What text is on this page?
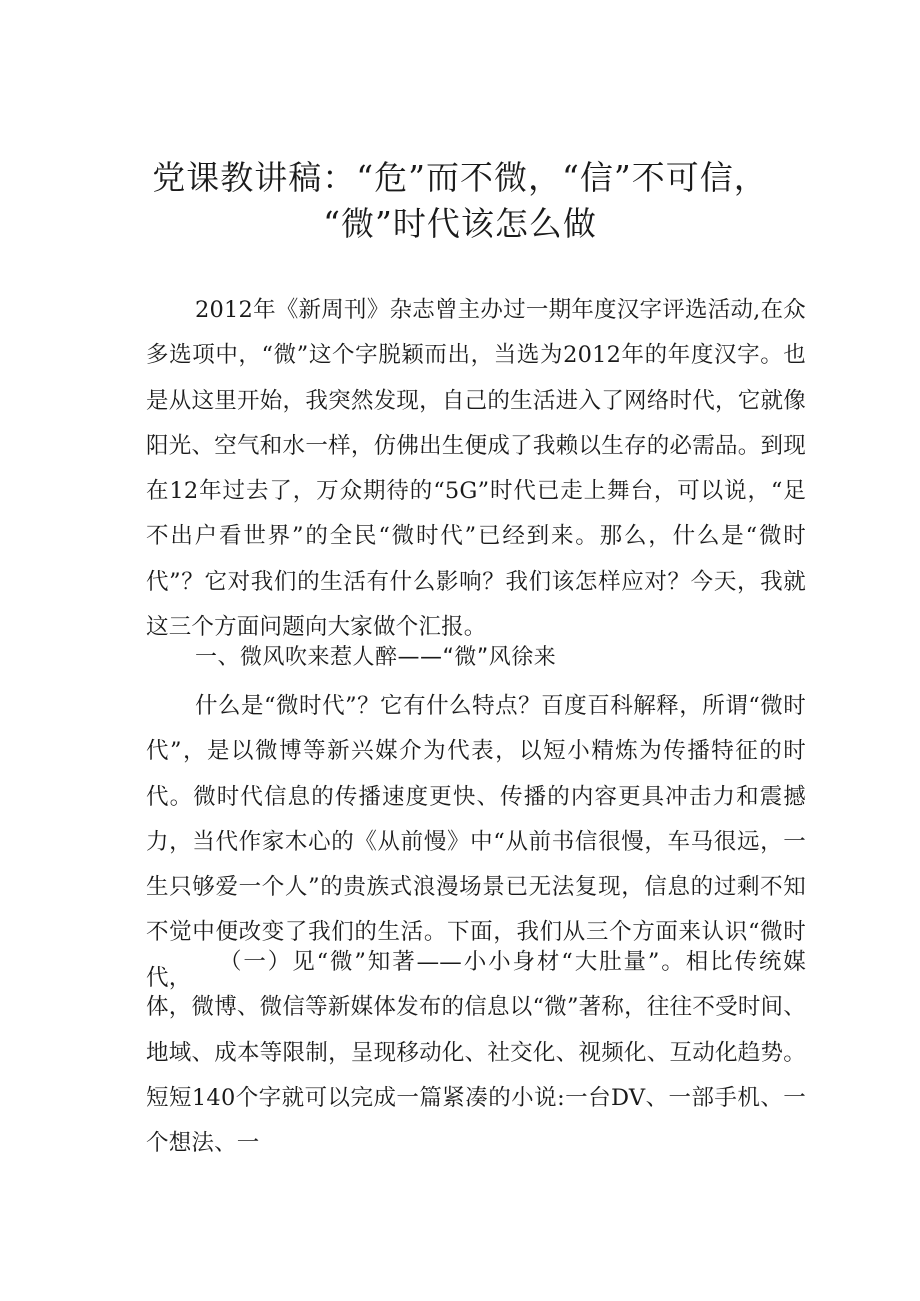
党课教讲稿：“危”而不微，“信”不可信，
“微”时代该怎么做

2012年《新周刊》杂志曾主办过一期年度汉字评选活动,在众多选项中，“微”这个字脱颖而出，当选为2012年的年度汉字。也是从这里开始，我突然发现，自己的生活进入了网络时代，它就像阳光、空气和水一样，仿佛出生便成了我赖以生存的必需品。到现在12年过去了，万众期待的“5G”时代已走上舞台，可以说，“足不出户看世界”的全民“微时代”已经到来。那么，什么是“微时代”？它对我们的生活有什么影响？我们该怎样应对？今天，我就这三个方面问题向大家做个汇报。

一、微风吹来惹人醉——“微”风徐来

什么是“微时代”？它有什么特点？百度百科解释，所谓“微时代”，是以微博等新兴媒介为代表，以短小精炼为传播特征的时代。微时代信息的传播速度更快、传播的内容更具冲击力和震撼力，当代作家木心的《从前慢》中“从前书信很慢，车马很远，一生只够爱一个人”的贵族式浪漫场景已无法复现，信息的过剩不知不觉中便改变了我们的生活。下面，我们从三个方面来认识“微时代，

（一）见“微”知著——小小身材“大肚量”。相比传统媒体，微博、微信等新媒体发布的信息以“微”著称，往往不受时间、地域、成本等限制，呈现移动化、社交化、视频化、互动化趋势。短短140个字就可以完成一篇紧凑的小说:一台DV、一部手机、一个想法、一
